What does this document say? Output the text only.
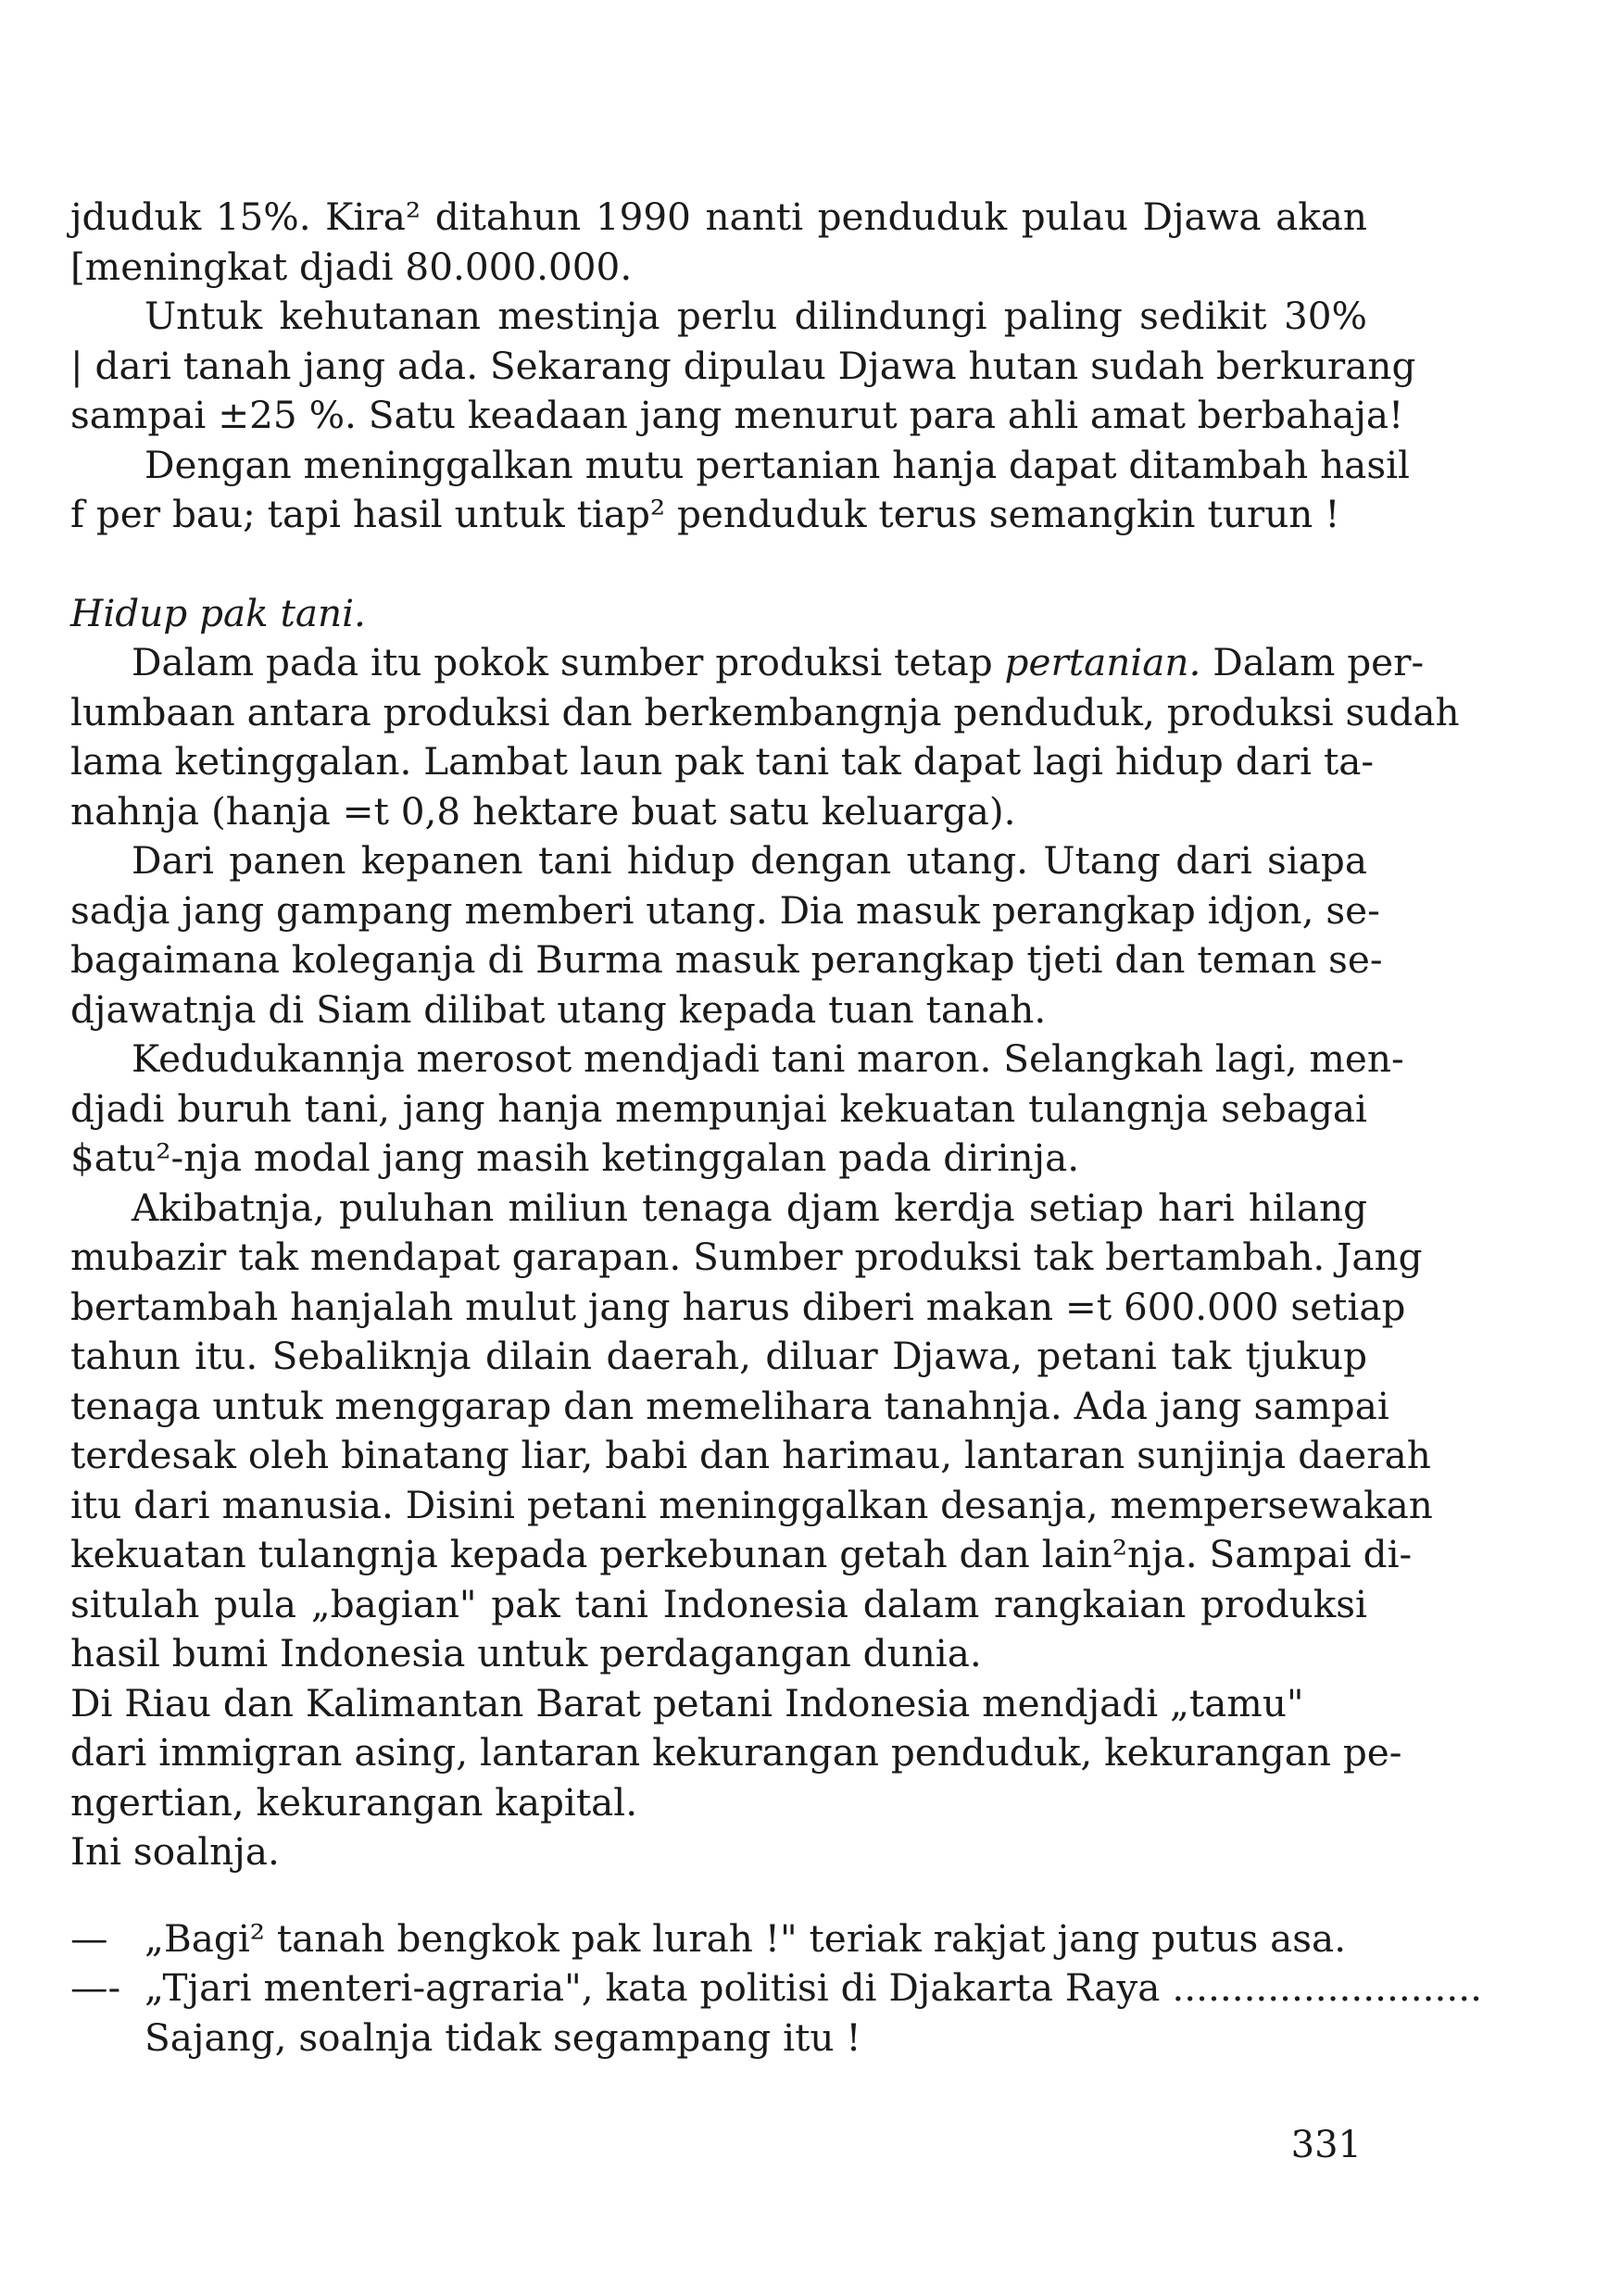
jduduk 15%. Kira² ditahun 1990 nanti penduduk pulau Djawa akan
[meningkat djadi 80.000.000.

Untuk kehutanan mestinja perlu dilindungi paling sedikit 30%
| dari tanah jang ada. Sekarang dipulau Djawa hutan sudah berkurang
sampai ±25 %. Satu keadaan jang menurut para ahli amat berbahaja!

Dengan meninggalkan mutu pertanian hanja dapat ditambah hasil
f per bau; tapi hasil untuk tiap² penduduk terus semangkin turun !

Hidup pak tani.

Dalam pada itu pokok sumber produksi tetap pertanian. Dalam per-
lumbaan antara produksi dan berkembangnja penduduk, produksi sudah
lama ketinggalan. Lambat laun pak tani tak dapat lagi hidup dari ta-
nahnja (hanja =t 0,8 hektare buat satu keluarga).

Dari panen kepanen tani hidup dengan utang. Utang dari siapa
sadja jang gampang memberi utang. Dia masuk perangkap idjon, se-
bagaimana koleganja di Burma masuk perangkap tjeti dan teman se-
djawatnja di Siam dilibat utang kepada tuan tanah.

Kedudukannja merosot mendjadi tani maron. Selangkah lagi, men-
djadi buruh tani, jang hanja mempunjai kekuatan tulangnja sebagai
$atu²-nja modal jang masih ketinggalan pada dirinja.

Akibatnja, puluhan miliun tenaga djam kerdja setiap hari hilang
mubazir tak mendapat garapan. Sumber produksi tak bertambah. Jang
bertambah hanjalah mulut jang harus diberi makan =t 600.000 setiap
tahun itu. Sebaliknja dilain daerah, diluar Djawa, petani tak tjukup
tenaga untuk menggarap dan memelihara tanahnja. Ada jang sampai
terdesak oleh binatang liar, babi dan harimau, lantaran sunjinja daerah
itu dari manusia. Disini petani meninggalkan desanja, mempersewakan
kekuatan tulangnja kepada perkebunan getah dan lain²nja. Sampai di-
situlah pula „bagian" pak tani Indonesia dalam rangkaian produksi
hasil bumi Indonesia untuk perdagangan dunia.

Di Riau dan Kalimantan Barat petani Indonesia mendjadi „tamu"
dari immigran asing, lantaran kekurangan penduduk, kekurangan pe-
ngertian, kekurangan kapital.
Ini soalnja.

— „Bagi² tanah bengkok pak lurah !" teriak rakjat jang putus asa.
—- „Tjari menteri-agraria", kata politisi di Djakarta Raya ..........................
Sajang, soalnja tidak segampang itu !
331
